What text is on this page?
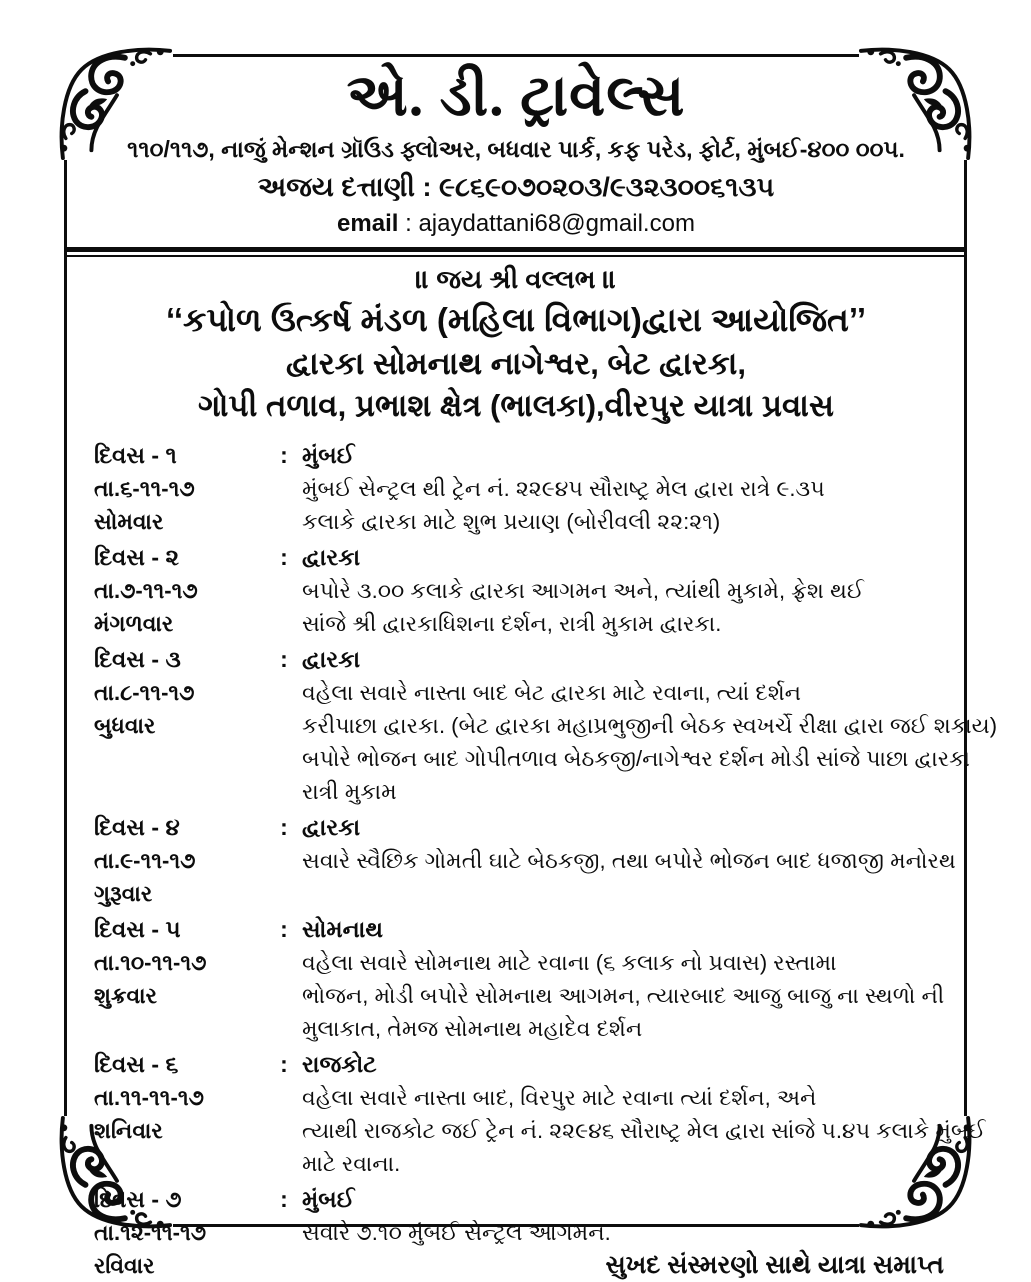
એ. ડી. ટ્રાવેલ્સ
૧૧૦/૧૧૭, નાજું મેન્શન ગ્રૉઉડ ફ્લોઅર, બધવાર પાર્ક, કફ પરેડ, ફોર્ટ, મુંબઈ-૪૦૦ ૦૦૫.
અજય દત્તાણી : ૯૮૬૯૦૭૦૨૦૩/૯૩૨૩૦૦૬૧૩૫
email : ajaydattani68@gmail.com
॥ જય શ્રી વલ્લભ ॥
‘‘કપોળ ઉત્કર્ષ મંડળ (મહિલા વિભાગ)દ્વારા આયોજિત’’
દ્વારકા સોમનાથ નાગેશ્વર, બેટ દ્વારકા,
ગોપી તળાવ, પ્રભાશ ક્ષેત્ર (ભાલકા),વીરપુર યાત્રા પ્રવાસ
દિવસ - ૧	: મુંબઈ
તા.૬-૧૧-૧૭	મુંબઈ સેન્ટ્રલ થી ટ્રેન નં. ૨૨૯૪૫ સૌરાષ્ટ્ર મેલ દ્વારા રાત્રે ૯.૩૫
સોમવાર	કલાકે દ્વારકા માટે શુભ પ્રયાણ (બોરીવલી ૨૨:૨૧)
દિવસ - ૨	: દ્વારકા
તા.૭-૧૧-૧૭	બપોરે ૩.૦૦ કલાકે દ્વારકા આગમન અને, ત્યાંથી મુકામે, ફ્રેશ થઈ
મંગળવાર	સાંજે શ્રી દ્વારકાધિશના દર્શન, રાત્રી મુકામ દ્વારકા.
દિવસ - ૩	: દ્વારકા
તા.૮-૧૧-૧૭	વહેલા સવારે નાસ્તા બાદ બેટ દ્વારકા માટે રવાના, ત્યાં દર્શન
બુધવાર	કરીપાછા દ્વારકા. (બેટ દ્વારકા મહાપ્રભુજીની બેઠક સ્વખર્ચે રીક્ષા દ્વારા જઈ શકાય)
બપોરે ભોજન બાદ ગોપીતળાવ બેઠકજી/નાગેશ્વર દર્શન મોડી સાંજે પાછા દ્વારકા
રાત્રી મુકામ
દિવસ - ૪	: દ્વારકા
તા.૯-૧૧-૧૭	સવારે સ્વૈછિક ગોમતી ઘાટે બેઠકજી, તથા બપોરે ભોજન બાદ ધજાજી મનોરથ
ગુરૂવાર

દિવસ - ૫	: સોમનાથ
તા.૧૦-૧૧-૧૭	વહેલા સવારે સોમનાથ માટે રવાના (૬ કલાક નો પ્રવાસ) રસ્તામા
શુક્રવાર	ભોજન, મોડી બપોરે સોમનાથ આગમન, ત્યારબાદ આજુ બાજુ ના સ્થળો ની
મુલાકાત, તેમજ સોમનાથ મહાદેવ દર્શન
દિવસ - ૬	: રાજકોટ
તા.૧૧-૧૧-૧૭	વહેલા સવારે નાસ્તા બાદ, વિરપુર માટે રવાના ત્યાં દર્શન, અને
શનિવાર	ત્યાથી રાજકોટ જઈ ટ્રેન નં. ૨૨૯૪૬ સૌરાષ્ટ્ર મેલ દ્વારા સાંજે ૫.૪૫ કલાકે મુંબઈ
માટે રવાના.
દિવસ - ૭	: મુંબઈ
તા.૧૨-૧૧-૧૭	સવારે ૭.૧૦ મુંબઈ સેન્ટ્રલ આગમન.
રવિવાર	સુખદ સંસ્મરણો સાથે યાત્રા સમાપ્ત
